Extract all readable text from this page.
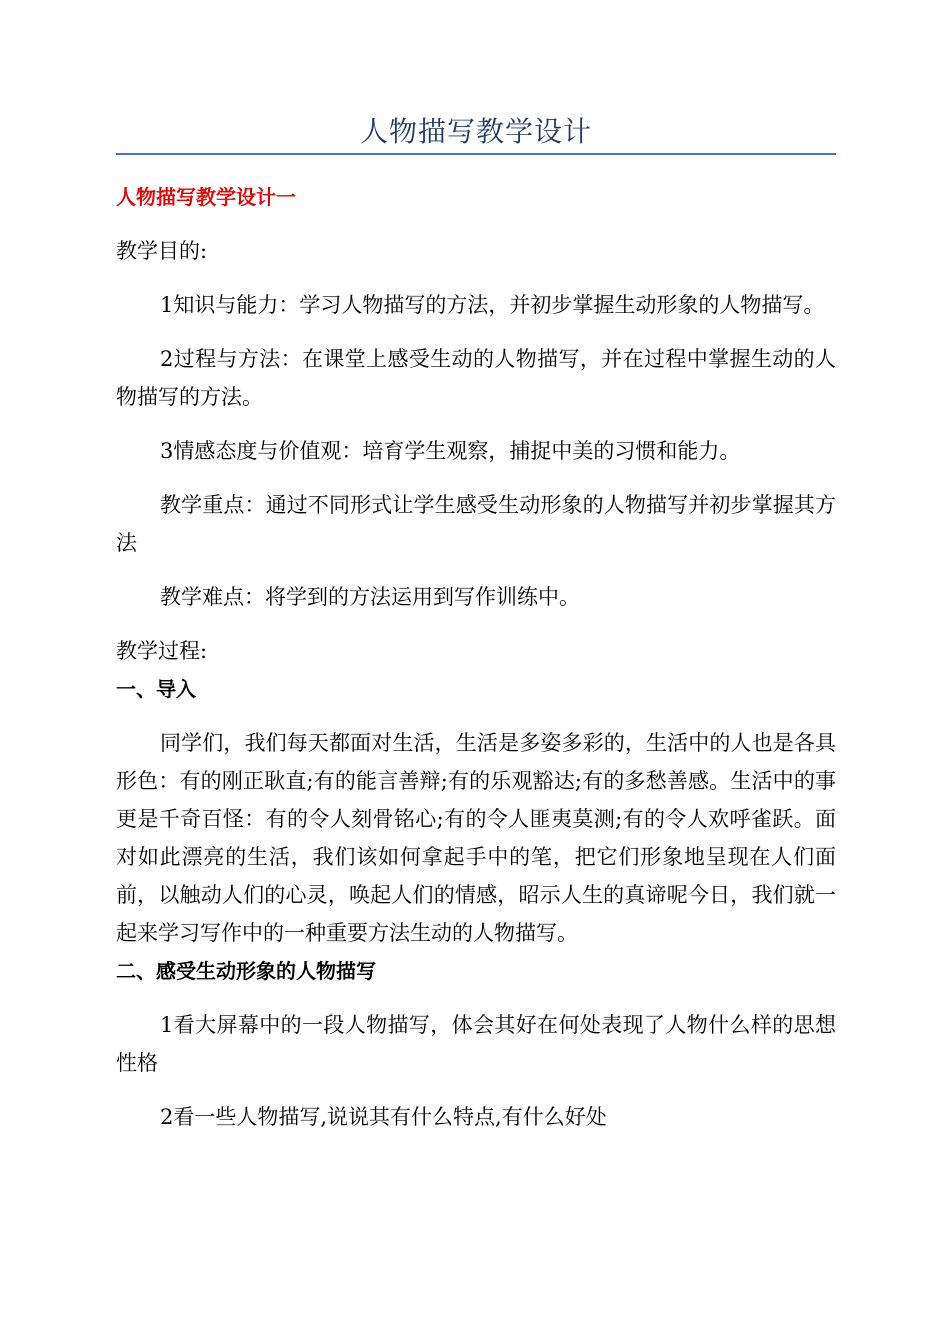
人物描写教学设计

人物描写教学设计一

教学目的:

1知识与能力：学习人物描写的方法，并初步掌握生动形象的人物描写。

2过程与方法：在课堂上感受生动的人物描写，并在过程中掌握生动的人物描写的方法。

3情感态度与价值观：培育学生观察，捕捉中美的习惯和能力。

教学重点：通过不同形式让学生感受生动形象的人物描写并初步掌握其方法

教学难点：将学到的方法运用到写作训练中。

教学过程:

一、导入

同学们，我们每天都面对生活，生活是多姿多彩的，生活中的人也是各具形色：有的刚正耿直;有的能言善辩;有的乐观豁达;有的多愁善感。生活中的事更是千奇百怪：有的令人刻骨铭心;有的令人匪夷莫测;有的令人欢呼雀跃。面对如此漂亮的生活，我们该如何拿起手中的笔，把它们形象地呈现在人们面前，以触动人们的心灵，唤起人们的情感，昭示人生的真谛呢今日，我们就一起来学习写作中的一种重要方法生动的人物描写。

二、感受生动形象的人物描写

1看大屏幕中的一段人物描写，体会其好在何处表现了人物什么样的思想性格

2看一些人物描写,说说其有什么特点,有什么好处
